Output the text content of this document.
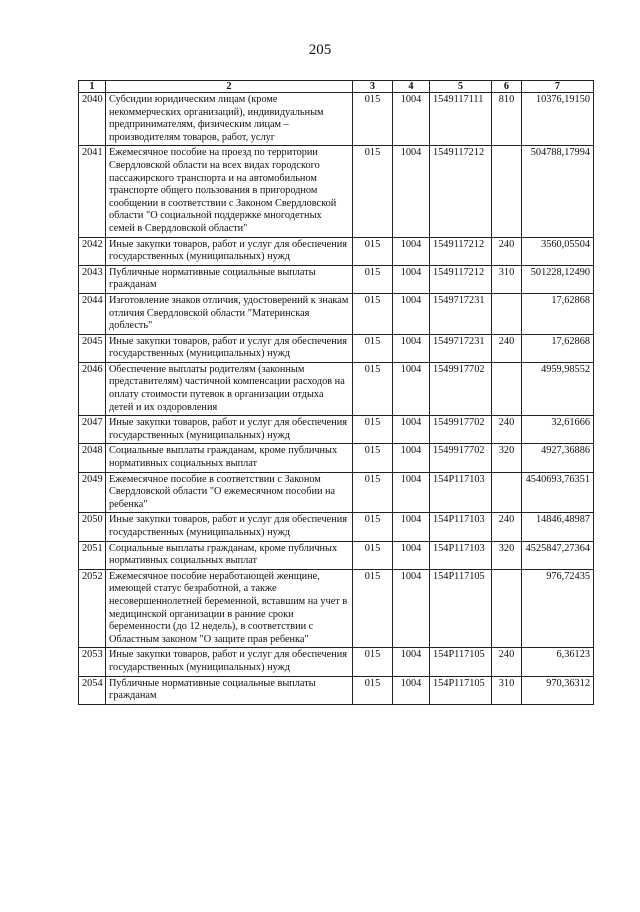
205
1	2	3	4	5	6	7
2040	Субсидии юридическим лицам (кроме некоммерческих организаций), индивидуальным предпринимателям, физическим лицам – производителям товаров, работ, услуг	015	1004	1549117111	810	10376,19150
2041	Ежемесячное пособие на проезд по территории Свердловской области на всех видах городского пассажирского транспорта и на автомобильном транспорте общего пользования в пригородном сообщении в соответствии с Законом Свердловской области "О социальной поддержке многодетных семей в Свердловской области"	015	1004	1549117212		504788,17994
2042	Иные закупки товаров, работ и услуг для обеспечения государственных (муниципальных) нужд	015	1004	1549117212	240	3560,05504
2043	Публичные нормативные социальные выплаты гражданам	015	1004	1549117212	310	501228,12490
2044	Изготовление знаков отличия, удостоверений к знакам отличия Свердловской области "Материнская доблесть"	015	1004	1549717231		17,62868
2045	Иные закупки товаров, работ и услуг для обеспечения государственных (муниципальных) нужд	015	1004	1549717231	240	17,62868
2046	Обеспечение выплаты родителям (законным представителям) частичной компенсации расходов на оплату стоимости путевок в организации отдыха детей и их оздоровления	015	1004	1549917702		4959,98552
2047	Иные закупки товаров, работ и услуг для обеспечения государственных (муниципальных) нужд	015	1004	1549917702	240	32,61666
2048	Социальные выплаты гражданам, кроме публичных нормативных социальных выплат	015	1004	1549917702	320	4927,36886
2049	Ежемесячное пособие в соответствии с Законом Свердловской области "О ежемесячном пособии на ребенка"	015	1004	154P117103		4540693,76351
2050	Иные закупки товаров, работ и услуг для обеспечения государственных (муниципальных) нужд	015	1004	154P117103	240	14846,48987
2051	Социальные выплаты гражданам, кроме публичных нормативных социальных выплат	015	1004	154P117103	320	4525847,27364
2052	Ежемесячное пособие неработающей женщине, имеющей статус безработной, а также несовершеннолетней беременной, вставшим на учет в медицинской организации в ранние сроки беременности (до 12 недель), в соответствии с Областным законом "О защите прав ребенка"	015	1004	154P117105		976,72435
2053	Иные закупки товаров, работ и услуг для обеспечения государственных (муниципальных) нужд	015	1004	154P117105	240	6,36123
2054	Публичные нормативные социальные выплаты гражданам	015	1004	154P117105	310	970,36312
